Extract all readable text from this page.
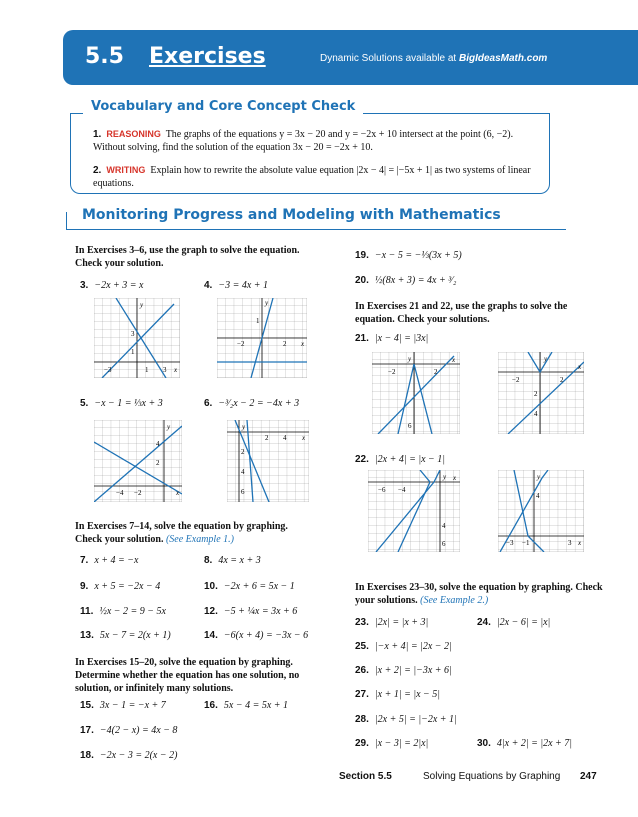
5.5 Exercises	Dynamic Solutions available at BigIdeasMath.com
Vocabulary and Core Concept Check
1. REASONING The graphs of the equations y = 3x − 20 and y = −2x + 10 intersect at the point (6, −2). Without solving, find the solution of the equation 3x − 20 = −2x + 10.
2. WRITING Explain how to rewrite the absolute value equation |2x − 4| = |−5x + 1| as two systems of linear equations.
Monitoring Progress and Modeling with Mathematics
In Exercises 3–6, use the graph to solve the equation. Check your solution.
3. −2x + 3 = x	4. −3 = 4x + 1
y
x
3
1
−3	1 3
y
x
1
−2	2
5. −x − 1 = ⅓x + 3	6. −³⁄₂x − 2 = −4x + 3
y
x
4
2
−4 −2
y
x
2 4
2
4
6
In Exercises 7–14, solve the equation by graphing. Check your solution. (See Example 1.)
7. x + 4 = −x	8. 4x = x + 3
9. x + 5 = −2x − 4	10. −2x + 6 = 5x − 1
11. ½x − 2 = 9 − 5x	12. −5 + ¼x = 3x + 6
13. 5x − 7 = 2(x + 1)	14. −6(x + 4) = −3x − 6
In Exercises 15–20, solve the equation by graphing. Determine whether the equation has one solution, no solution, or infinitely many solutions.
15. 3x − 1 = −x + 7	16. 5x − 4 = 5x + 1
17. −4(2 − x) = 4x − 8
18. −2x − 3 = 2(x − 2)
19. −x − 5 = −⅓(3x + 5)
20. ½(8x + 3) = 4x + ³⁄₂
In Exercises 21 and 22, use the graphs to solve the equation. Check your solutions.
21. |x − 4| = |3x|
y	x
−2	2
6
y
x
−2	2
2
4
22. |2x + 4| = |x − 1|
y x
−6 −4
4
6
y
x
4
−3 −1	3
In Exercises 23–30, solve the equation by graphing. Check your solutions. (See Example 2.)
23. |2x| = |x + 3|	24. |2x − 6| = |x|
25. |−x + 4| = |2x − 2|
26. |x + 2| = |−3x + 6|
27. |x + 1| = |x − 5|
28. |2x + 5| = |−2x + 1|
29. |x − 3| = 2|x|	30. 4|x + 2| = |2x + 7|
Section 5.5	Solving Equations by Graphing 247
